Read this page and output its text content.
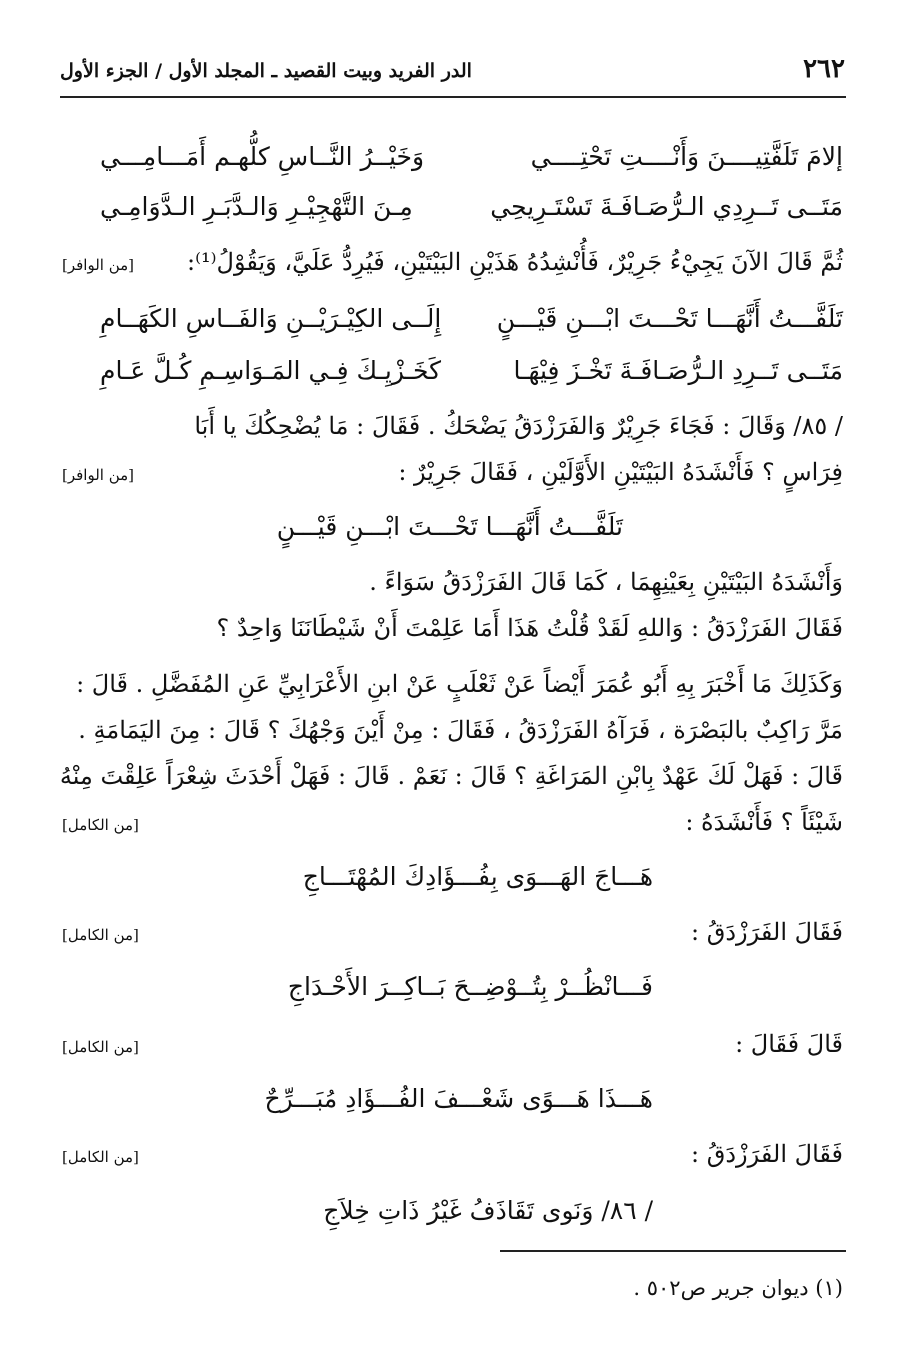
٢٦٢
الدر الفريد وبيت القصيد ـ المجلد الأول / الجزء الأول
إلامَ تَلَفَّتِيــــنَ وَأَنْــــتِ تَحْتِــــي
وَخَيْــرُ النَّــاسِ كلُّهـم أَمَـــامِـــي
مَتَــى تَــرِدِي الـرُّصَـافَـةَ تَسْتَـرِيحِي
مِـنَ التَّهْجِيْـرِ وَالـدَّبَـرِ الـدَّوَامِـي
ثُمَّ قَالَ الآنَ يَجِيْءُ جَرِيْرٌ، فَأُنْشِدُهُ هَذَيْنِ البَيْتَيْنِ، فَيُرِدُّ عَلَيَّ، وَيَقُوْلُ⁽¹⁾:
[من الوافر]
تَلَفَّـــتُ أَنَّهَـــا تَحْـــتَ ابْـــنِ قَيْـــنٍ
إِلَــى الكِيْـرَيْــنِ وَالفَــاسِ الكَهَــامِ
مَتَــى تَــرِدِ الـرُّصَـافَـةَ تَخْـزَ فِيْهَـا
كَخَـزْيِـكَ فِـي المَـوَاسِـمِ كُـلَّ عَـامِ
/ ٨٥/ وَقَالَ : فَجَاءَ جَرِيْرٌ وَالفَرَزْدَقُ يَضْحَكُ . فَقَالَ : مَا يُضْحِكُكَ يا أَبَا
فِرَاسٍ ؟ فَأَنْشَدَهُ البَيْتَيْنِ الأَوَّلَيْنِ ، فَقَالَ جَرِيْرٌ :
[من الوافر]
تَلَفَّـــتُ أَنَّهَـــا تَحْـــتَ ابْـــنِ قَيْـــنٍ
وَأَنْشَدَهُ البَيْتَيْنِ بِعَيْنِهِمَا ، كَمَا قَالَ الفَرَزْدَقُ سَوَاءً .
فَقَالَ الفَرَزْدَقُ : وَاللهِ لَقَدْ قُلْتُ هَذَا أَمَا عَلِمْتَ أَنْ شَيْطَانَنَا وَاحِدٌ ؟
وَكَذَلِكَ مَا أَخْبَرَ بِهِ أَبُو عُمَرَ أَيْضاً عَنْ ثَعْلَبٍ عَنْ ابنِ الأَعْرَابِيِّ عَنِ المُفَضَّلِ . قَالَ :
مَرَّ رَاكِبٌ بالبَصْرَة ، فَرَآهُ الفَرَزْدَقُ ، فَقَالَ : مِنْ أَيْنَ وَجْهُكَ ؟ قَالَ : مِنَ اليَمَامَةِ .
قَالَ : فَهَلْ لَكَ عَهْدٌ بِابْنِ المَرَاغَةِ ؟ قَالَ : نَعَمْ . قَالَ : فَهَلْ أَحْدَثَ شِعْرَاً عَلِقْتَ مِنْهُ
شَيْئَاً ؟ فَأَنْشَدَهُ :
[من الكامل]
هَـــاجَ الهَـــوَى بِفُـــؤَادِكَ المُهْتَـــاجِ
فَقَالَ الفَرَزْدَقُ :
[من الكامل]
فَـــانْظُــرْ بِتُــوْضِــحَ بَــاكِــرَ الأَحْـدَاجِ
قَالَ فَقَالَ :
[من الكامل]
هَـــذَا هَـــوًى شَعْـــفَ الفُـــؤَادِ مُبَـــرِّحٌ
فَقَالَ الفَرَزْدَقُ :
[من الكامل]
/ ٨٦/ وَنَوى تَقَاذَفُ غَيْرُ ذَاتِ خِلاَجِ
(١) ديوان جرير ص٥٠٢ .
